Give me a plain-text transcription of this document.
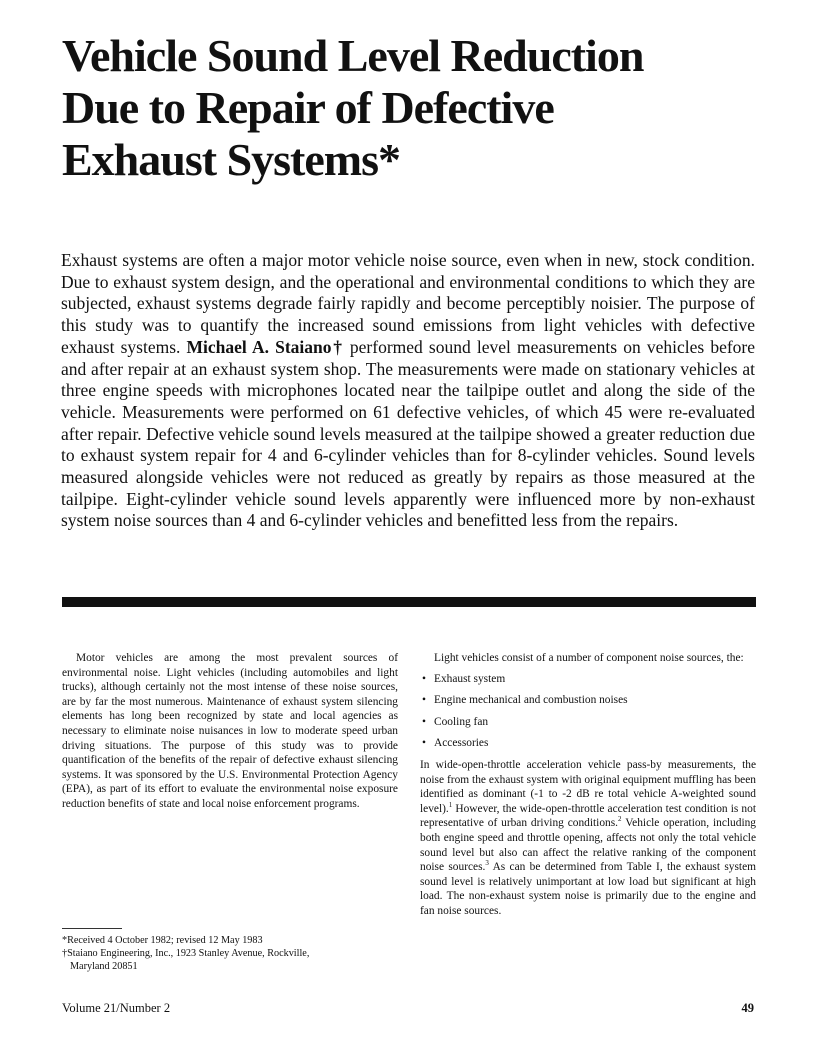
Vehicle Sound Level Reduction
Due to Repair of Defective
Exhaust Systems*

Exhaust systems are often a major motor vehicle noise source, even when in new, stock condition. Due to exhaust system design, and the operational and environmental conditions to which they are subjected, exhaust systems degrade fairly rapidly and become perceptibly noisier. The purpose of this study was to quantify the increased sound emissions from light vehicles with defective exhaust systems. Michael A. Staiano† performed sound level measurements on vehicles before and after repair at an exhaust system shop. The measurements were made on stationary vehicles at three engine speeds with microphones located near the tailpipe outlet and along the side of the vehicle. Measurements were performed on 61 defective vehicles, of which 45 were re-evaluated after repair. Defective vehicle sound levels measured at the tailpipe showed a greater reduction due to exhaust system repair for 4 and 6-cylinder vehicles than for 8-cylinder vehicles. Sound levels measured alongside vehicles were not reduced as greatly by repairs as those measured at the tailpipe. Eight-cylinder vehicle sound levels apparently were influenced more by non-exhaust system noise sources than 4 and 6-cylinder vehicles and benefitted less from the repairs.

Motor vehicles are among the most prevalent sources of environmental noise. Light vehicles (including automobiles and light trucks), although certainly not the most intense of these noise sources, are by far the most numerous. Maintenance of exhaust system silencing elements has long been recognized by state and local agencies as necessary to eliminate noise nuisances in low to moderate speed urban driving situations. The purpose of this study was to provide quantification of the benefits of the repair of defective exhaust silencing systems. It was sponsored by the U.S. Environmental Protection Agency (EPA), as part of its effort to evaluate the environmental noise exposure reduction benefits of state and local noise enforcement programs.

*Received 4 October 1982; revised 12 May 1983

†Staiano Engineering, Inc., 1923 Stanley Avenue, Rockville,

Maryland 20851

Light vehicles consist of a number of component noise sources, the:

• Exhaust system
• Engine mechanical and combustion noises
• Cooling fan
• Accessories

In wide-open-throttle acceleration vehicle pass-by measurements, the noise from the exhaust system with original equipment muffling has been identified as dominant (-1 to -2 dB re total vehicle A-weighted sound level).$^1$ However, the wide-open-throttle acceleration test condition is not representative of urban driving conditions.$^2$ Vehicle operation, including both engine speed and throttle opening, affects not only the total vehicle sound level but also can affect the relative ranking of the component noise sources.$^3$ As can be determined from Table I, the exhaust system sound level is relatively unimportant at low load but significant at high load. The non-exhaust system noise is primarily due to the engine and fan noise sources.

Volume 21/Number 2	49
